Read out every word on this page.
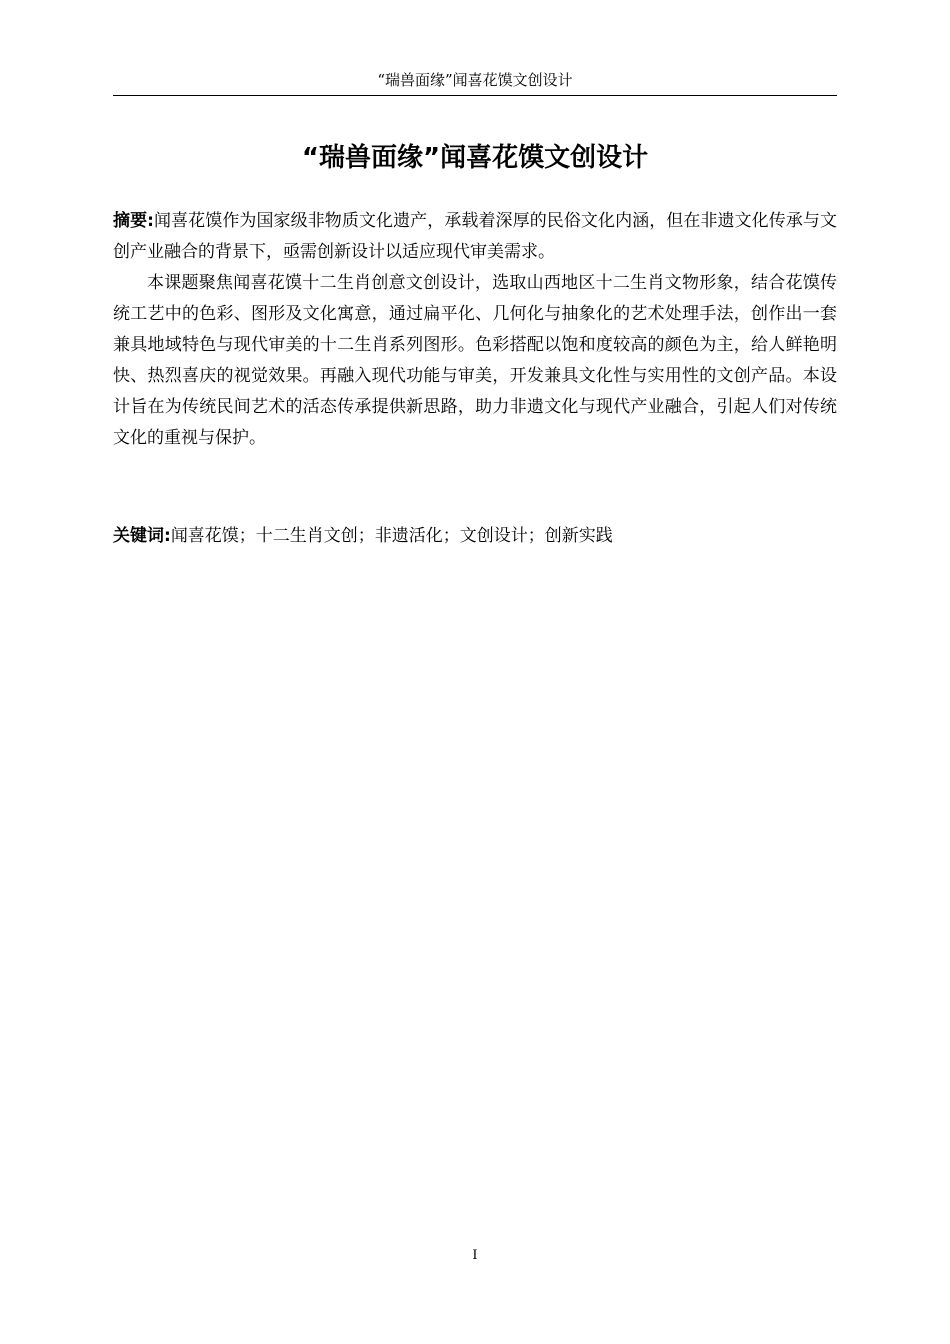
“瑞兽面缘”闻喜花馍文创设计
“瑞兽面缘”闻喜花馍文创设计

摘要:闻喜花馍作为国家级非物质文化遗产，承载着深厚的民俗文化内涵，但在非遗文化传承与文创产业融合的背景下，亟需创新设计以适应现代审美需求。

本课题聚焦闻喜花馍十二生肖创意文创设计，选取山西地区十二生肖文物形象，结合花馍传统工艺中的色彩、图形及文化寓意，通过扁平化、几何化与抽象化的艺术处理手法，创作出一套兼具地域特色与现代审美的十二生肖系列图形。色彩搭配以饱和度较高的颜色为主，给人鲜艳明快、热烈喜庆的视觉效果。再融入现代功能与审美，开发兼具文化性与实用性的文创产品。本设计旨在为传统民间艺术的活态传承提供新思路，助力非遗文化与现代产业融合，引起人们对传统文化的重视与保护。

关键词:闻喜花馍；十二生肖文创；非遗活化；文创设计；创新实践

I
